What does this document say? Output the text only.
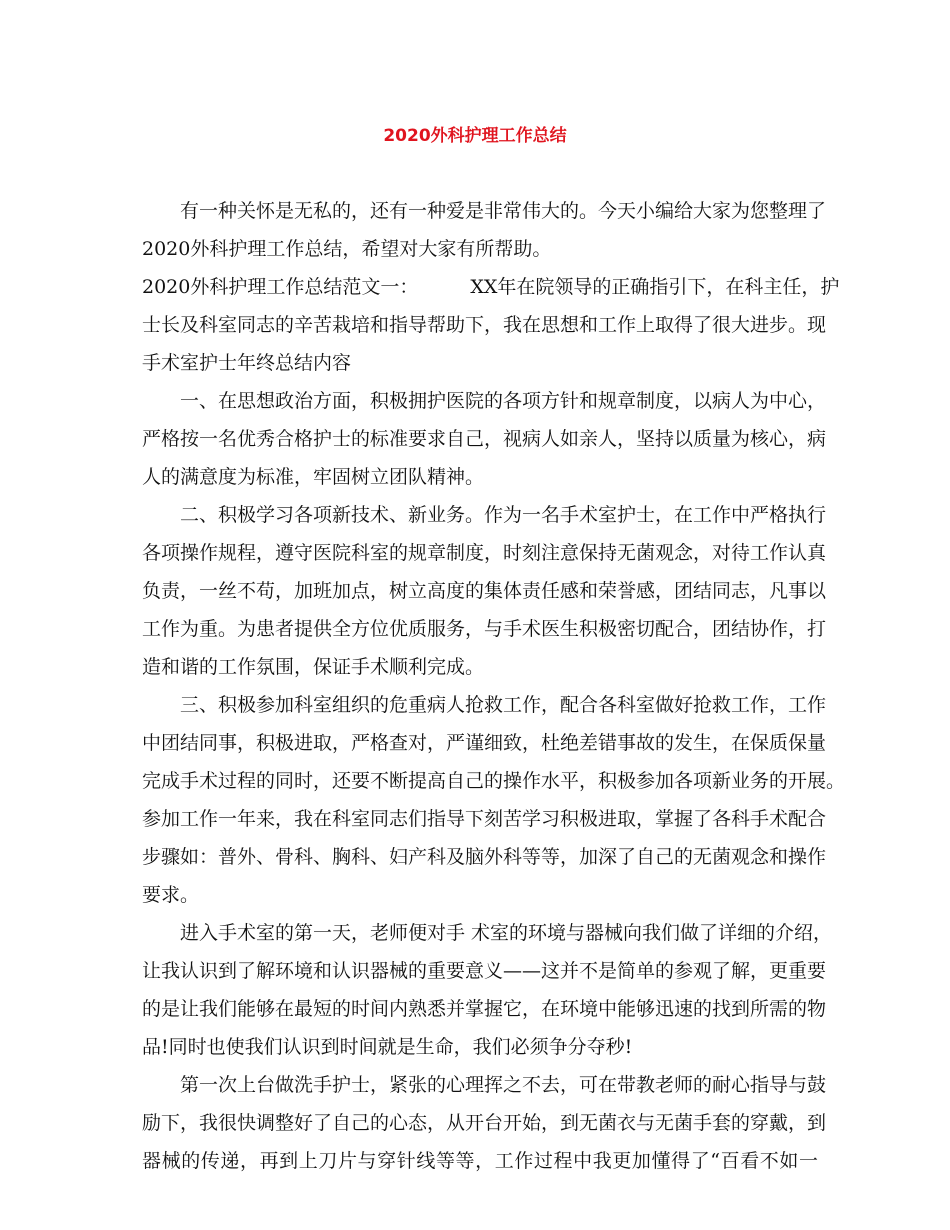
2020外科护理工作总结
有一种关怀是无私的，还有一种爱是非常伟大的。今天小编给大家为您整理了
2020外科护理工作总结，希望对大家有所帮助。
2020外科护理工作总结范文一：	XX年在院领导的正确指引下，在科主任，护
士长及科室同志的辛苦栽培和指导帮助下，我在思想和工作上取得了很大进步。现
手术室护士年终总结内容
一、在思想政治方面，积极拥护医院的各项方针和规章制度，以病人为中心，
严格按一名优秀合格护士的标准要求自己，视病人如亲人，坚持以质量为核心，病
人的满意度为标准，牢固树立团队精神。
二、积极学习各项新技术、新业务。作为一名手术室护士，在工作中严格执行
各项操作规程，遵守医院科室的规章制度，时刻注意保持无菌观念，对待工作认真
负责，一丝不苟，加班加点，树立高度的集体责任感和荣誉感，团结同志，凡事以
工作为重。为患者提供全方位优质服务，与手术医生积极密切配合，团结协作，打
造和谐的工作氛围，保证手术顺利完成。
三、积极参加科室组织的危重病人抢救工作，配合各科室做好抢救工作，工作
中团结同事，积极进取，严格查对，严谨细致，杜绝差错事故的发生，在保质保量
完成手术过程的同时，还要不断提高自己的操作水平，积极参加各项新业务的开展。
参加工作一年来，我在科室同志们指导下刻苦学习积极进取，掌握了各科手术配合
步骤如：普外、骨科、胸科、妇产科及脑外科等等，加深了自己的无菌观念和操作
要求。
进入手术室的第一天，老师便对手 术室的环境与器械向我们做了详细的介绍，
让我认识到了解环境和认识器械的重要意义——这并不是简单的参观了解，更重要
的是让我们能够在最短的时间内熟悉并掌握它，在环境中能够迅速的找到所需的物
品!同时也使我们认识到时间就是生命，我们必须争分夺秒!
第一次上台做洗手护士，紧张的心理挥之不去，可在带教老师的耐心指导与鼓
励下，我很快调整好了自己的心态，从开台开始，到无菌衣与无菌手套的穿戴，到
器械的传递，再到上刀片与穿针线等等，工作过程中我更加懂得了“百看不如一
